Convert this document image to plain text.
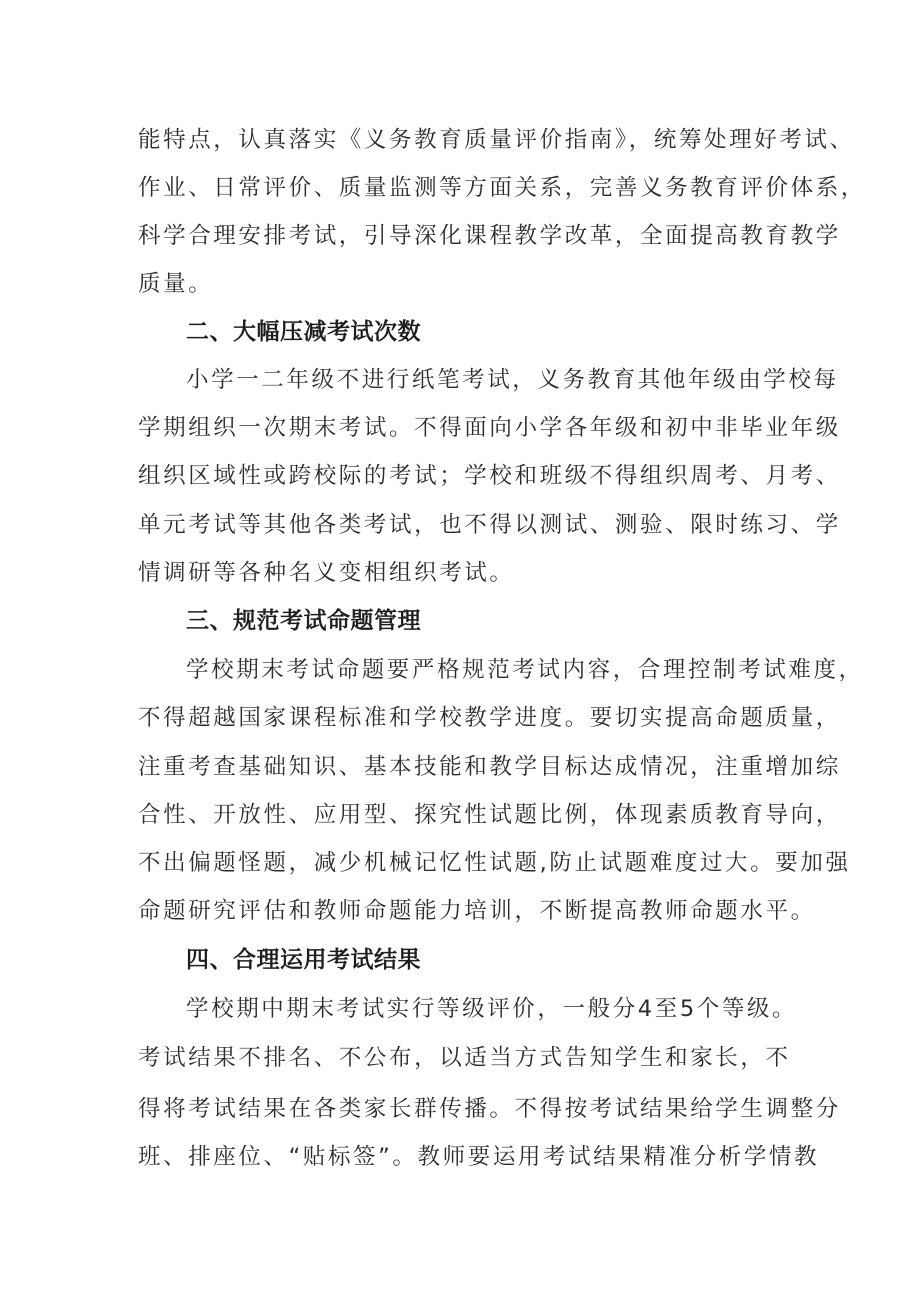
能特点，认真落实《义务教育质量评价指南》，统筹处理好考试、
作业、日常评价、质量监测等方面关系，完善义务教育评价体系，
科学合理安排考试，引导深化课程教学改革，全面提高教育教学
质量。
二、大幅压减考试次数
小学一二年级不进行纸笔考试，义务教育其他年级由学校每
学期组织一次期末考试。不得面向小学各年级和初中非毕业年级
组织区域性或跨校际的考试；学校和班级不得组织周考、月考、
单元考试等其他各类考试，也不得以测试、测验、限时练习、学
情调研等各种名义变相组织考试。
三、规范考试命题管理
学校期末考试命题要严格规范考试内容，合理控制考试难度，
不得超越国家课程标准和学校教学进度。要切实提高命题质量，
注重考查基础知识、基本技能和教学目标达成情况，注重增加综
合性、开放性、应用型、探究性试题比例，体现素质教育导向，
不出偏题怪题，减少机械记忆性试题,防止试题难度过大。要加强
命题研究评估和教师命题能力培训，不断提高教师命题水平。
四、合理运用考试结果
学校期中期末考试实行等级评价，一般分4至5个等级。
考试结果不排名、不公布，以适当方式告知学生和家长，不
得将考试结果在各类家长群传播。不得按考试结果给学生调整分
班、排座位、“贴标签”。教师要运用考试结果精准分析学情教
